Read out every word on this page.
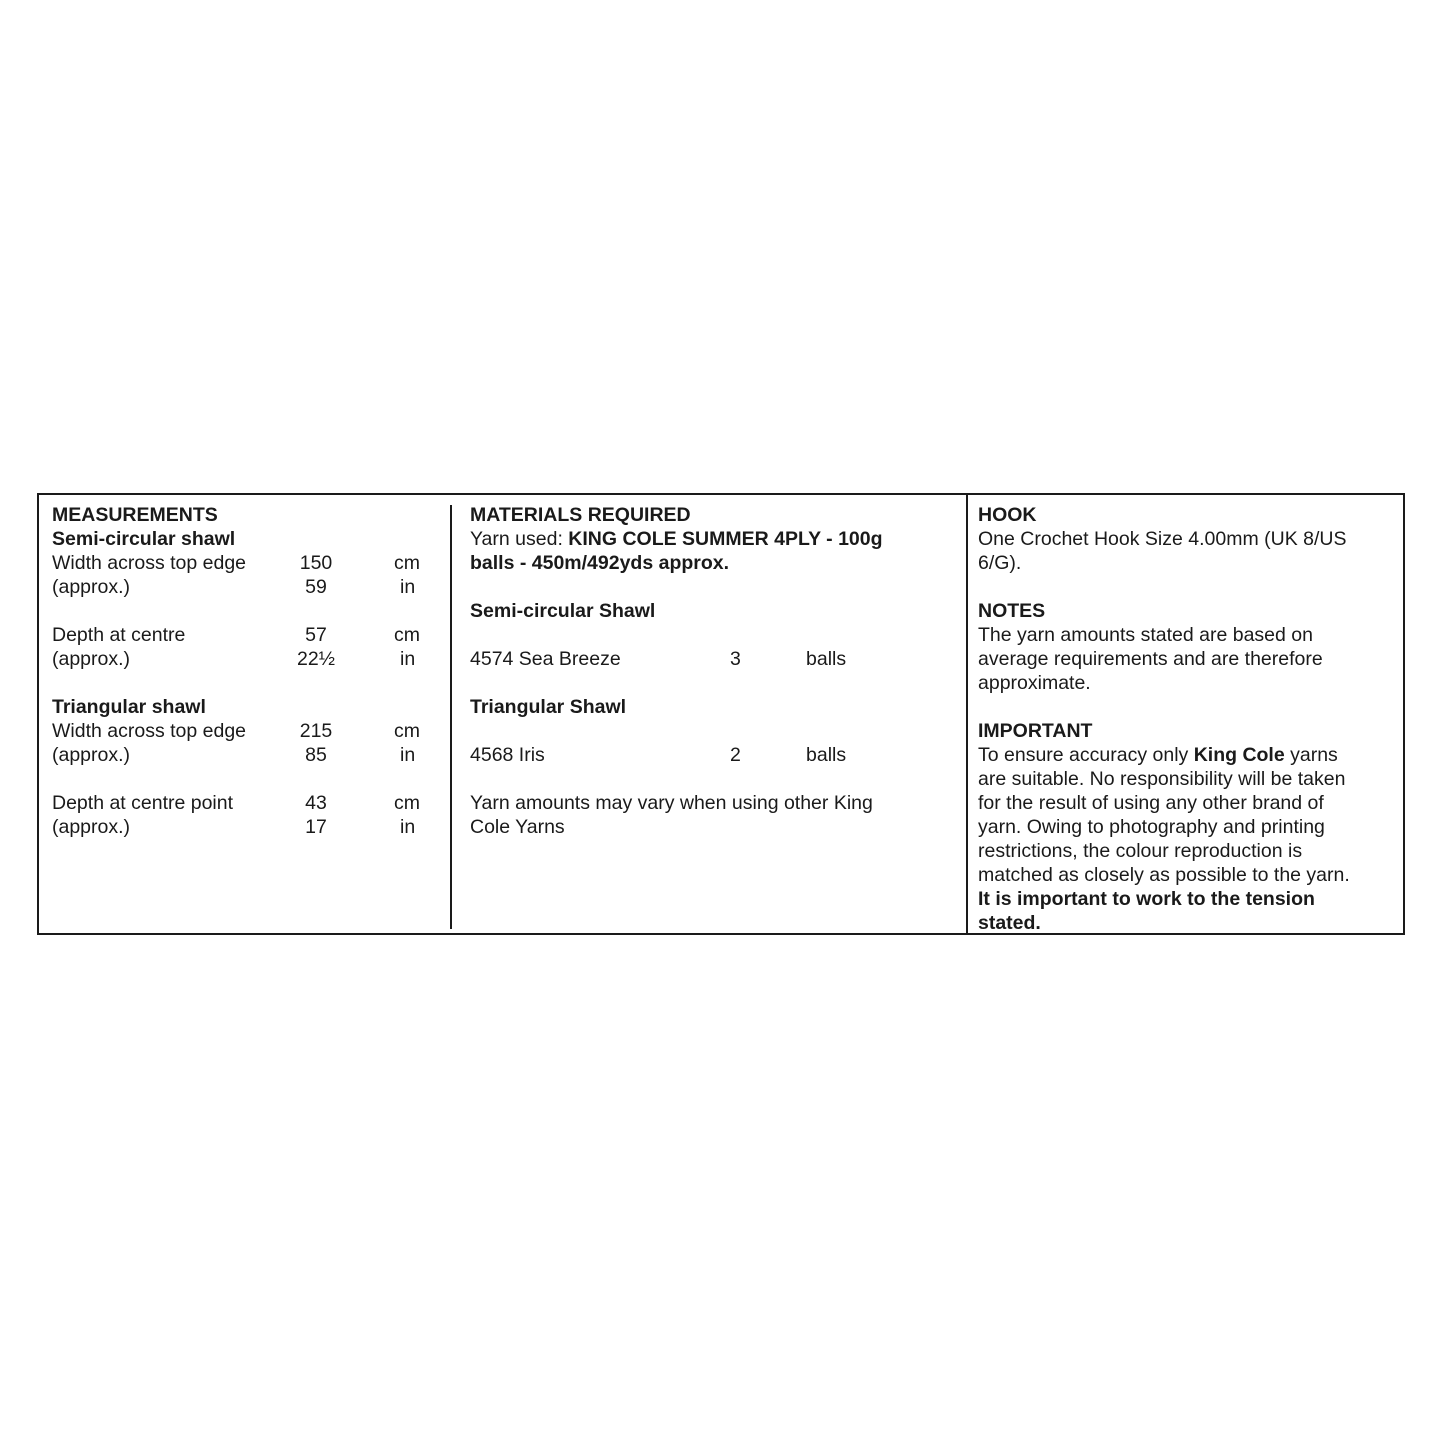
MEASUREMENTS
Semi-circular shawl
Width across top edge	150	cm
(approx.)	59	in
Depth at centre	57	cm
(approx.)	22½	in
Triangular shawl
Width across top edge	215	cm
(approx.)	85	in
Depth at centre point	43	cm
(approx.)	17	in
MATERIALS REQUIRED
Yarn used: KING COLE SUMMER 4PLY - 100g
balls - 450m/492yds approx.
Semi-circular Shawl
4574 Sea Breeze	3	balls
Triangular Shawl
4568 Iris	2	balls
Yarn amounts may vary when using other King
Cole Yarns
HOOK
One Crochet Hook Size 4.00mm (UK 8/US
6/G).
NOTES
The yarn amounts stated are based on
average requirements and are therefore
approximate.
IMPORTANT
To ensure accuracy only King Cole yarns
are suitable. No responsibility will be taken
for the result of using any other brand of
yarn. Owing to photography and printing
restrictions, the colour reproduction is
matched as closely as possible to the yarn.
It is important to work to the tension
stated.
